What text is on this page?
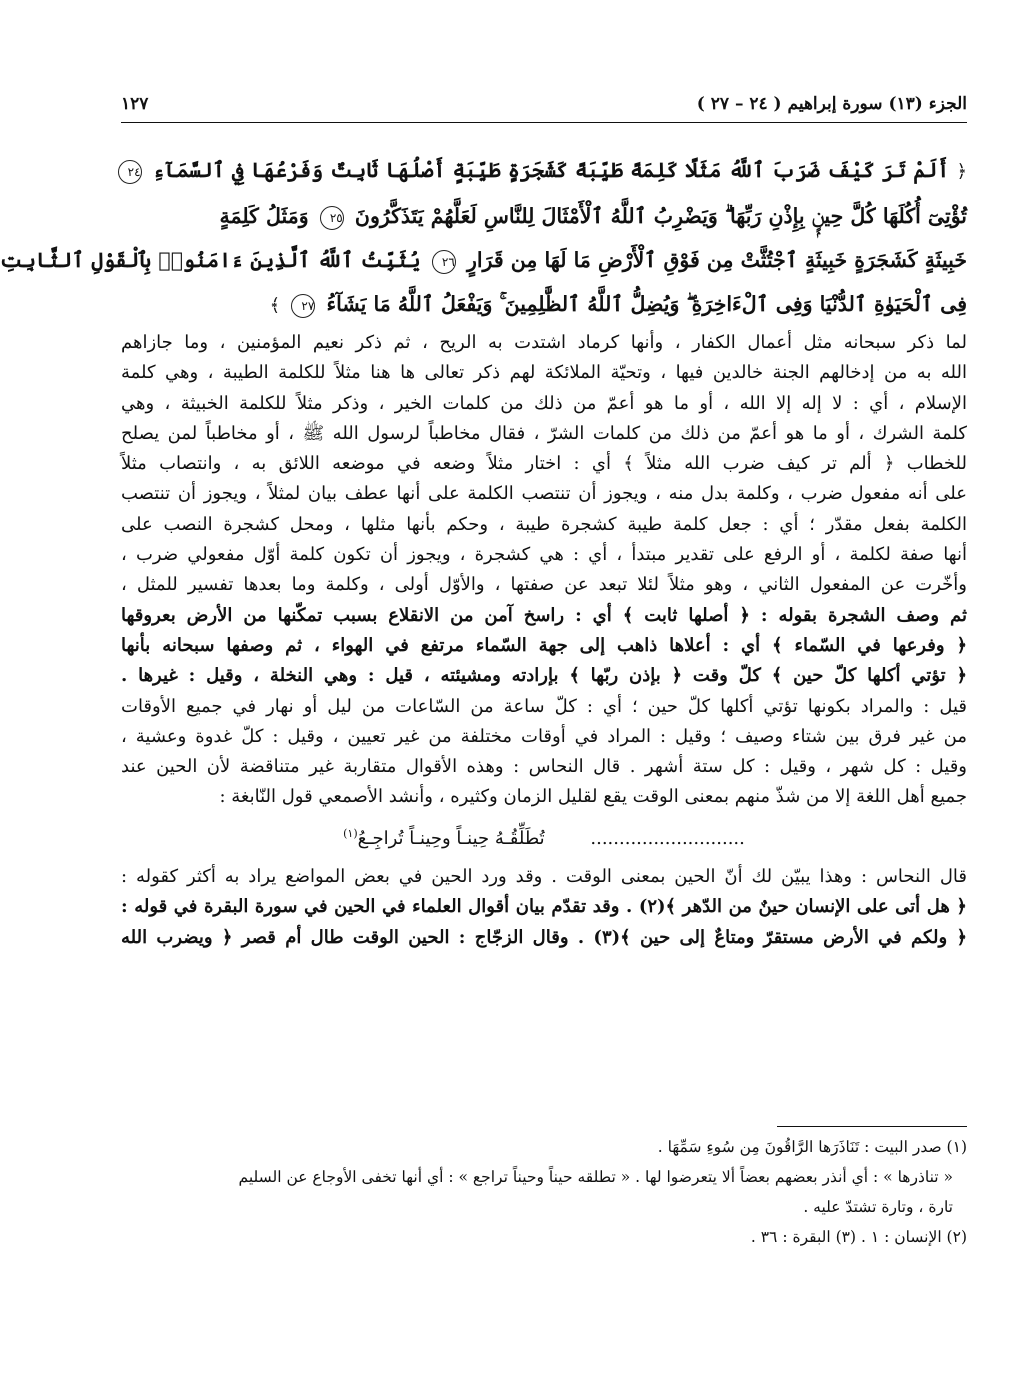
الجزء (١٣) سورة إبراهيم ( ٢٤ – ٢٧ )
١٢٧
﴿ أَلَمْ تَرَ كَيْفَ ضَرَبَ ٱللَّهُ مَثَلًا كَلِمَةً طَيِّبَةً كَشَجَرَةٍ طَيِّبَةٍ أَصْلُهَا ثَابِتٌ وَفَرْعُهَا فِي ٱلسَّمَآءِ ٢٤
تُؤْتِىٓ أُكُلَهَا كُلَّ حِينٍۭ بِإِذْنِ رَبِّهَا ۗ وَيَضْرِبُ ٱللَّهُ ٱلْأَمْثَالَ لِلنَّاسِ لَعَلَّهُمْ يَتَذَكَّرُونَ ٢٥ وَمَثَلُ كَلِمَةٍ
خَبِيثَةٍ كَشَجَرَةٍ خَبِيثَةٍ ٱجْتُثَّتْ مِن فَوْقِ ٱلْأَرْضِ مَا لَهَا مِن قَرَارٍ ٢٦ يُثَبِّتُ ٱللَّهُ ٱلَّذِينَ ءَامَنُوا۟ بِٱلْقَوْلِ ٱلثَّابِتِ
فِى ٱلْحَيَوٰةِ ٱلدُّنْيَا وَفِى ٱلْءَاخِرَةِ ۖ وَيُضِلُّ ٱللَّهُ ٱلظَّٰلِمِينَ ۚ وَيَفْعَلُ ٱللَّهُ مَا يَشَآءُ ٢٧ ﴾
لما ذكر سبحانه مثل أعمال الكفار ، وأنها كرماد اشتدت به الريح ، ثم ذكر نعيم المؤمنين ، وما جازاهم
الله به من إدخالهم الجنة خالدين فيها ، وتحيّة الملائكة لهم ذكر تعالى ها هنا مثلاً للكلمة الطيبة ، وهي كلمة
الإسلام ، أي : لا إله إلا الله ، أو ما هو أعمّ من ذلك من كلمات الخير ، وذكر مثلاً للكلمة الخبيثة ، وهي
كلمة الشرك ، أو ما هو أعمّ من ذلك من كلمات الشرّ ، فقال مخاطباً لرسول الله ﷺ ، أو مخاطباً لمن يصلح
للخطاب ﴿ ألم تر كيف ضرب الله مثلاً ﴾ أي : اختار مثلاً وضعه في موضعه اللائق به ، وانتصاب مثلاً
على أنه مفعول ضرب ، وكلمة بدل منه ، ويجوز أن تنتصب الكلمة على أنها عطف بيان لمثلاً ، ويجوز أن تنتصب
الكلمة بفعل مقدّر ؛ أي : جعل كلمة طيبة كشجرة طيبة ، وحكم بأنها مثلها ، ومحل كشجرة النصب على
أنها صفة لكلمة ، أو الرفع على تقدير مبتدأ ، أي : هي كشجرة ، ويجوز أن تكون كلمة أوّل مفعولي ضرب ،
وأخّرت عن المفعول الثاني ، وهو مثلاً لئلا تبعد عن صفتها ، والأوّل أولى ، وكلمة وما بعدها تفسير للمثل ،
ثم وصف الشجرة بقوله : ﴿ أصلها ثابت ﴾ أي : راسخ آمن من الانقلاع بسبب تمكّنها من الأرض بعروقها
﴿ وفرعها في السّماء ﴾ أي : أعلاها ذاهب إلى جهة السّماء مرتفع في الهواء ، ثم وصفها سبحانه بأنها
﴿ تؤتي أكلها كلّ حين ﴾ كلّ وقت ﴿ بإذن ربّها ﴾ بإرادته ومشيئته ، قيل : وهي النخلة ، وقيل : غيرها .
قيل : والمراد بكونها تؤتي أكلها كلّ حين ؛ أي : كلّ ساعة من السّاعات من ليل أو نهار في جميع الأوقات
من غير فرق بين شتاء وصيف ؛ وقيل : المراد في أوقات مختلفة من غير تعيين ، وقيل : كلّ غدوة وعشية ،
وقيل : كل شهر ، وقيل : كل ستة أشهر . قال النحاس : وهذه الأقوال متقاربة غير متناقضة لأن الحين عند
جميع أهل اللغة إلا من شذّ منهم بمعنى الوقت يقع لقليل الزمان وكثيره ، وأنشد الأصمعي قول النّابغة :
........................... تُطَلِّقُـهُ حِينـاً وحِينـاً تُراجِـعُ$^{(١)}$
قال النحاس : وهذا يبيّن لك أنّ الحين بمعنى الوقت . وقد ورد الحين في بعض المواضع يراد به أكثر كقوله :
﴿ هل أتى على الإنسان حينٌ من الدّهر ﴾(٢) . وقد تقدّم بيان أقوال العلماء في الحين في سورة البقرة في قوله :
﴿ ولكم في الأرض مستقرّ ومتاعٌ إلى حين ﴾(٣) . وقال الزجّاج : الحين الوقت طال أم قصر ﴿ ويضرب الله
(١) صدر البيت : تَنَاذَرَها الرَّاقُونَ مِن سُوءِ سَمِّهَا .
« تناذرها » : أي أنذر بعضهم بعضاً ألا يتعرضوا لها . « تطلقه حيناً وحيناً تراجع » : أي أنها تخفى الأوجاع عن السليم
تارة ، وتارة تشتدّ عليه .
(٢) الإنسان : ١ . (٣) البقرة : ٣٦ .
